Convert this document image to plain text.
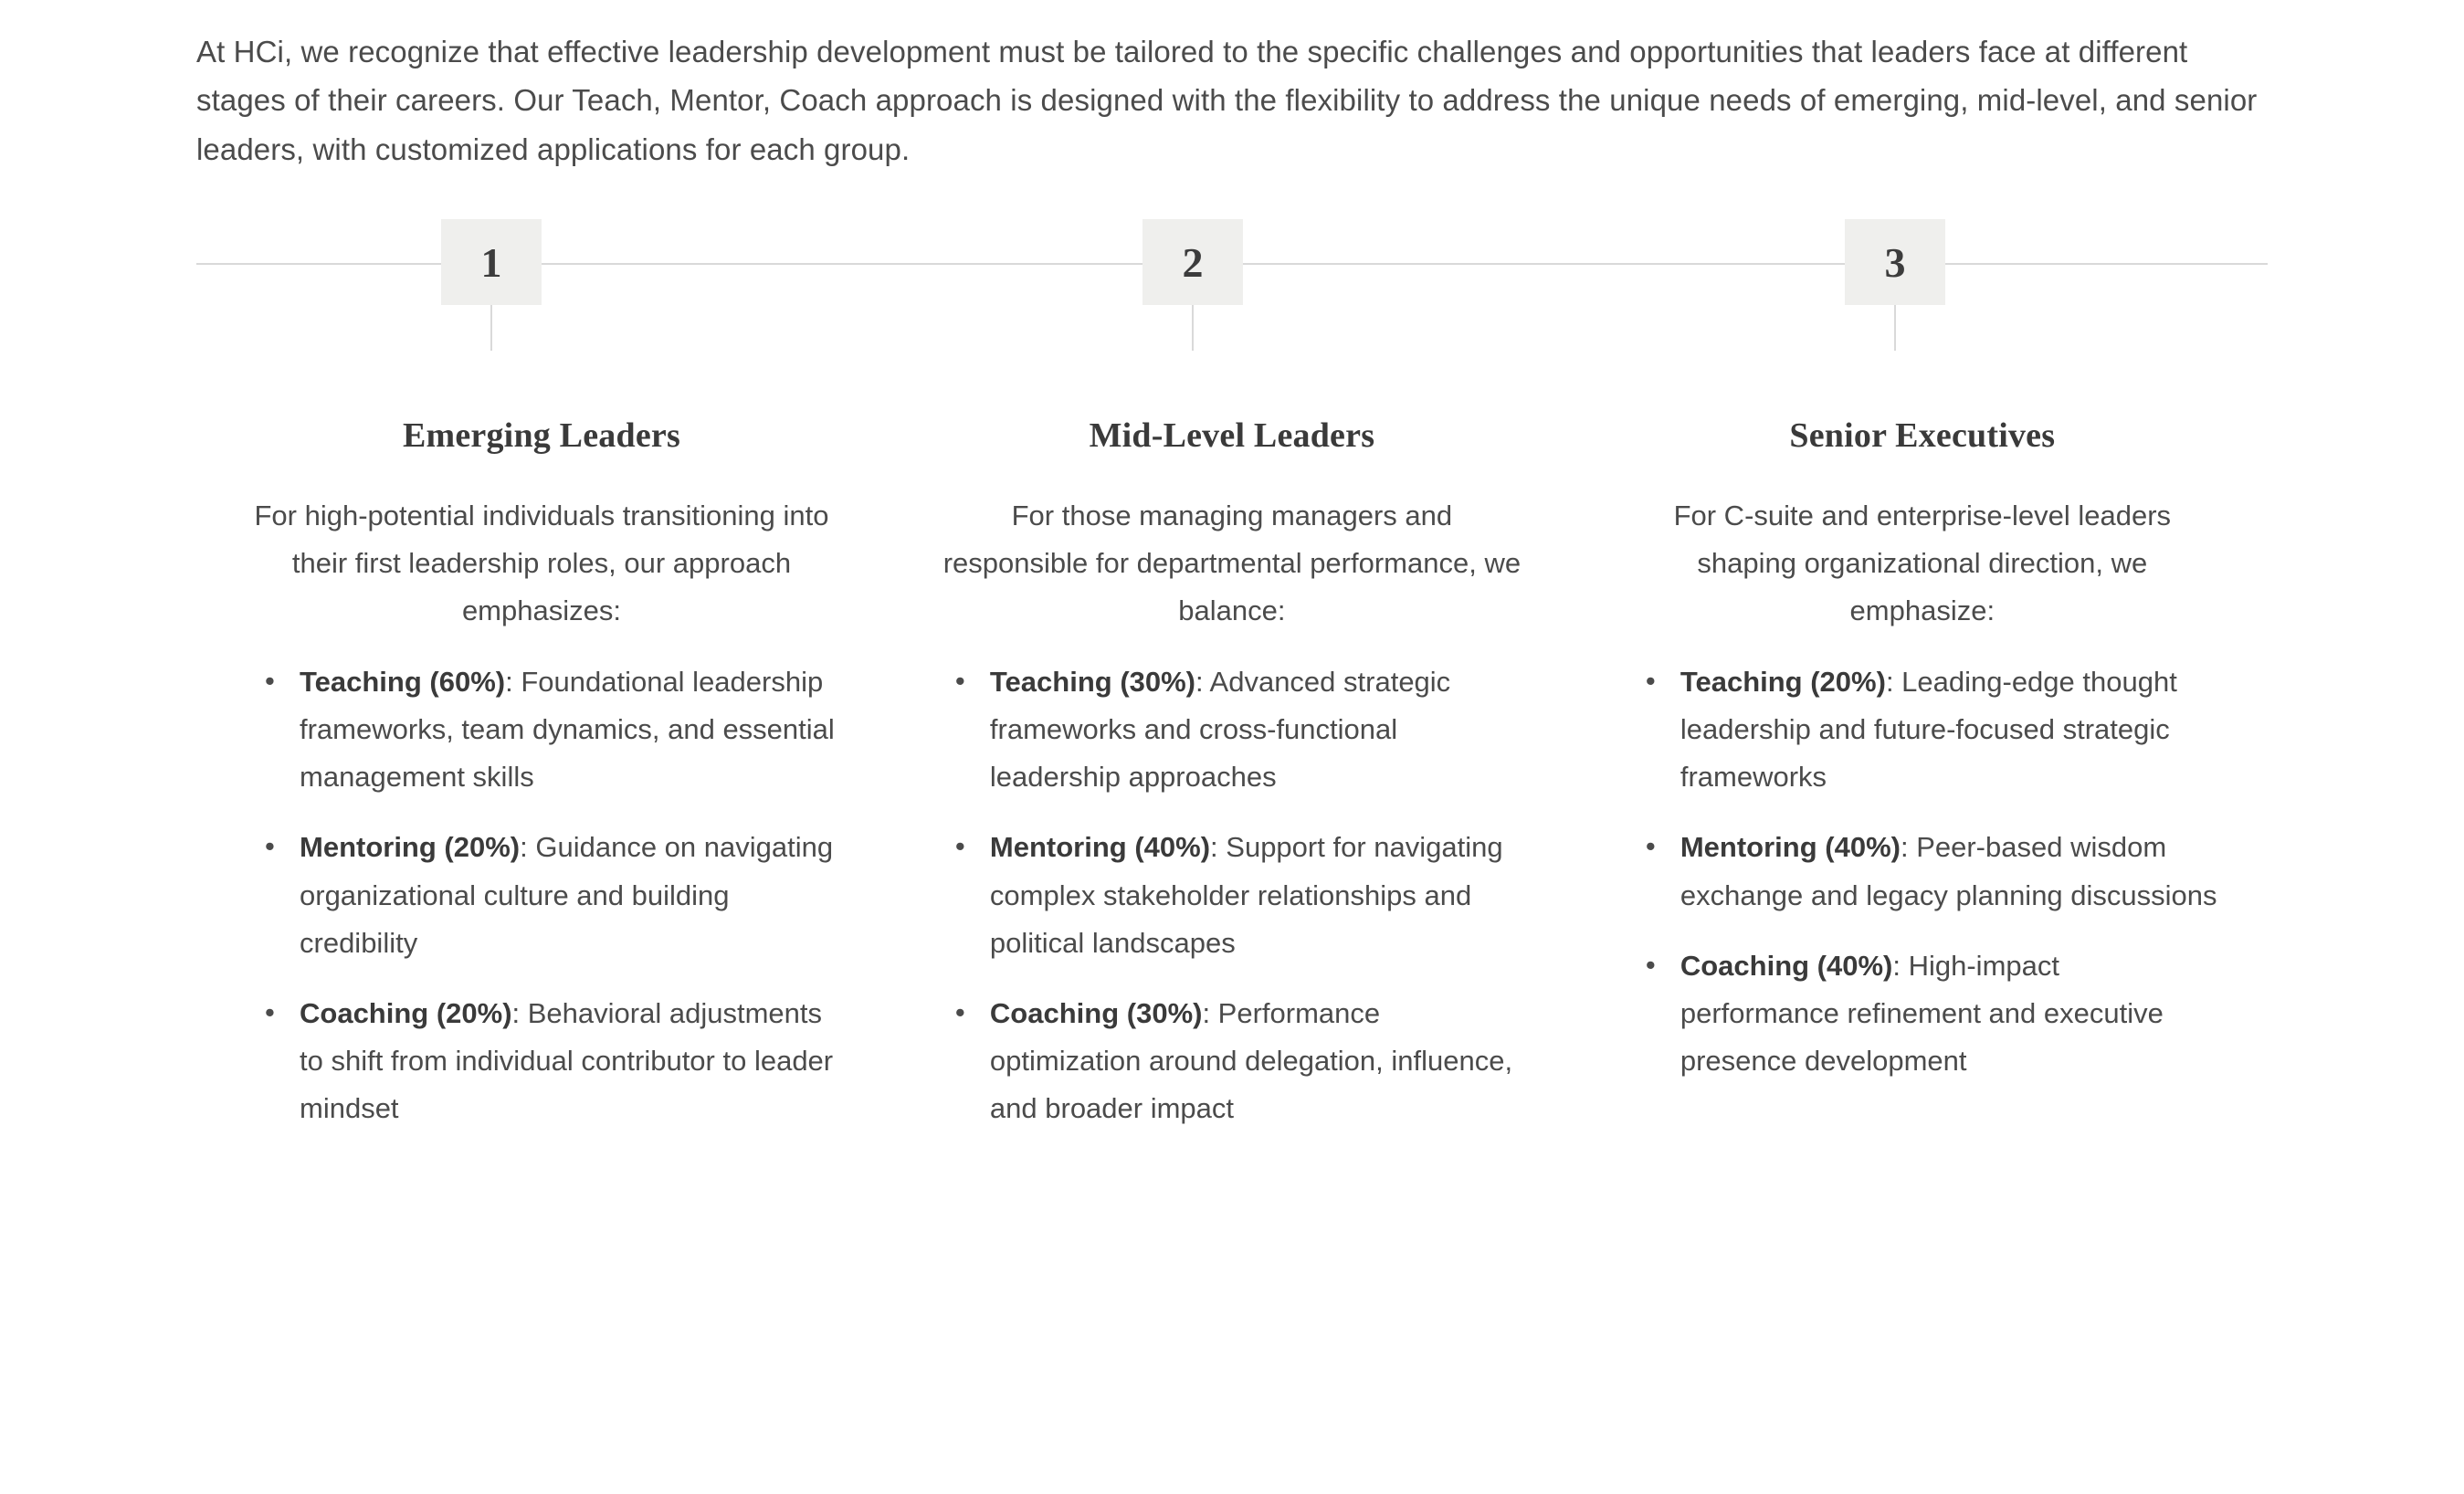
At HCi, we recognize that effective leadership development must be tailored to the specific challenges and opportunities that leaders face at different stages of their careers. Our Teach, Mentor, Coach approach is designed with the flexibility to address the unique needs of emerging, mid-level, and senior leaders, with customized applications for each group.

1	2	3
Emerging Leaders

For high-potential individuals transitioning into their first leadership roles, our approach emphasizes:

• Teaching (60%): Foundational leadership frameworks, team dynamics, and essential management skills
• Mentoring (20%): Guidance on navigating organizational culture and building credibility
• Coaching (20%): Behavioral adjustments to shift from individual contributor to leader mindset
Mid-Level Leaders

For those managing managers and responsible for departmental performance, we balance:

• Teaching (30%): Advanced strategic frameworks and cross-functional leadership approaches
• Mentoring (40%): Support for navigating complex stakeholder relationships and political landscapes
• Coaching (30%): Performance optimization around delegation, influence, and broader impact
Senior Executives

For C-suite and enterprise-level leaders shaping organizational direction, we emphasize:

• Teaching (20%): Leading-edge thought leadership and future-focused strategic frameworks
• Mentoring (40%): Peer-based wisdom exchange and legacy planning discussions
• Coaching (40%): High-impact performance refinement and executive presence development
